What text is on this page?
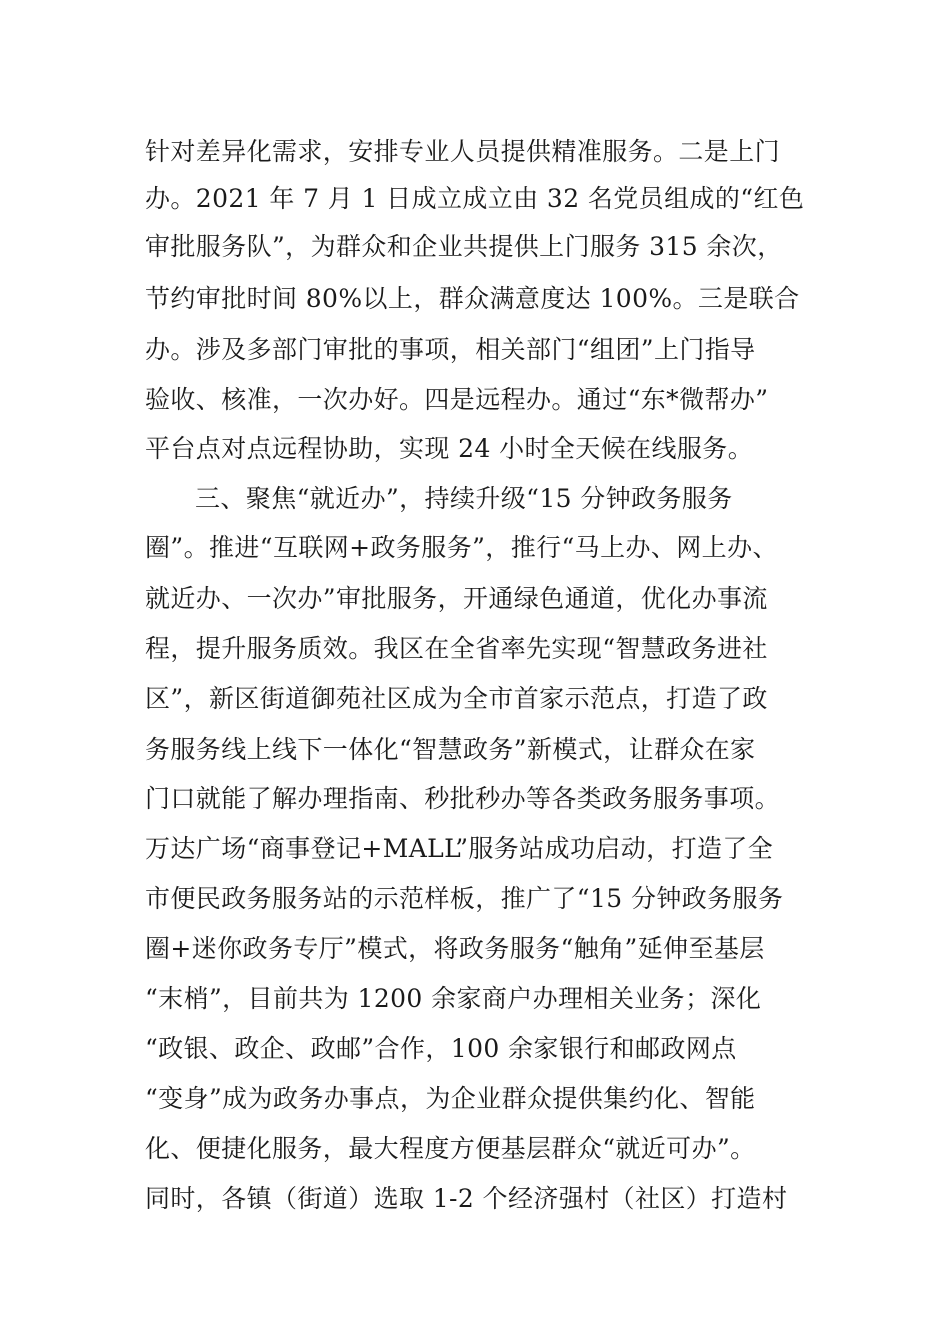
针对差异化需求，安排专业人员提供精准服务。二是上门
办。2021 年 7 月 1 日成立成立由 32 名党员组成的“红色
审批服务队”，为群众和企业共提供上门服务 315 余次，
节约审批时间 80%以上，群众满意度达 100%。三是联合
办。涉及多部门审批的事项，相关部门“组团”上门指导
验收、核准，一次办好。四是远程办。通过“东*微帮办”
平台点对点远程协助，实现 24 小时全天候在线服务。
三、聚焦“就近办”，持续升级“15 分钟政务服务
圈”。推进“互联网+政务服务”，推行“马上办、网上办、
就近办、一次办”审批服务，开通绿色通道，优化办事流
程，提升服务质效。我区在全省率先实现“智慧政务进社
区”，新区街道御苑社区成为全市首家示范点，打造了政
务服务线上线下一体化“智慧政务”新模式，让群众在家
门口就能了解办理指南、秒批秒办等各类政务服务事项。
万达广场“商事登记+MALL”服务站成功启动，打造了全
市便民政务服务站的示范样板，推广了“15 分钟政务服务
圈+迷你政务专厅”模式，将政务服务“触角”延伸至基层
“末梢”，目前共为 1200 余家商户办理相关业务；深化
“政银、政企、政邮”合作，100 余家银行和邮政网点
“变身”成为政务办事点，为企业群众提供集约化、智能
化、便捷化服务，最大程度方便基层群众“就近可办”。
同时，各镇（街道）选取 1-2 个经济强村（社区）打造村
